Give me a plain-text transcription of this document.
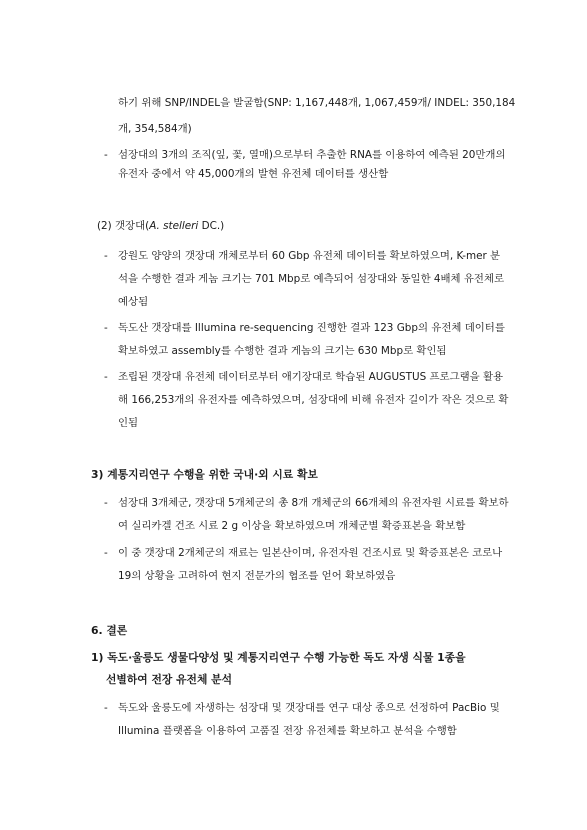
하기 위해 SNP/INDEL을 발굴함(SNP: 1,167,448개, 1,067,459개/ INDEL: 350,184
개, 354,584개)
- 섬장대의 3개의 조직(잎, 꽃, 열매)으로부터 추출한 RNA를 이용하여 예측된 20만개의
유전자 중에서 약 45,000개의 발현 유전체 데이터를 생산함
(2) 갯장대(A. stelleri DC.)
- 강원도 양양의 갯장대 개체로부터 60 Gbp 유전체 데이터를 확보하였으며, K-mer 분
석을 수행한 결과 게놈 크기는 701 Mbp로 예측되어 섬장대와 동일한 4배체 유전체로
예상됨
- 독도산 갯장대를 Illumina re-sequencing 진행한 결과 123 Gbp의 유전체 데이터를
확보하였고 assembly를 수행한 결과 게놈의 크기는 630 Mbp로 확인됨
- 조립된 갯장대 유전체 데이터로부터 애기장대로 학습된 AUGUSTUS 프로그램을 활용
해 166,253개의 유전자를 예측하였으며, 섬장대에 비해 유전자 길이가 작은 것으로 확
인됨
3) 계통지리연구 수행을 위한 국내·외 시료 확보
- 섬장대 3개체군, 갯장대 5개체군의 총 8개 개체군의 66개체의 유전자원 시료를 확보하
여 실리카겔 건조 시료 2 g 이상을 확보하였으며 개체군별 확증표본을 확보함
- 이 중 갯장대 2개체군의 재료는 일본산이며, 유전자원 건조시료 및 확증표본은 코로나
19의 상황을 고려하여 현지 전문가의 협조를 얻어 확보하였음
6. 결론
1) 독도·울릉도 생물다양성 및 계통지리연구 수행 가능한 독도 자생 식물 1종을
선별하여 전장 유전체 분석
- 독도와 울릉도에 자생하는 섬장대 및 갯장대를 연구 대상 종으로 선정하여 PacBio 및
Illumina 플랫폼을 이용하여 고품질 전장 유전체를 확보하고 분석을 수행함
